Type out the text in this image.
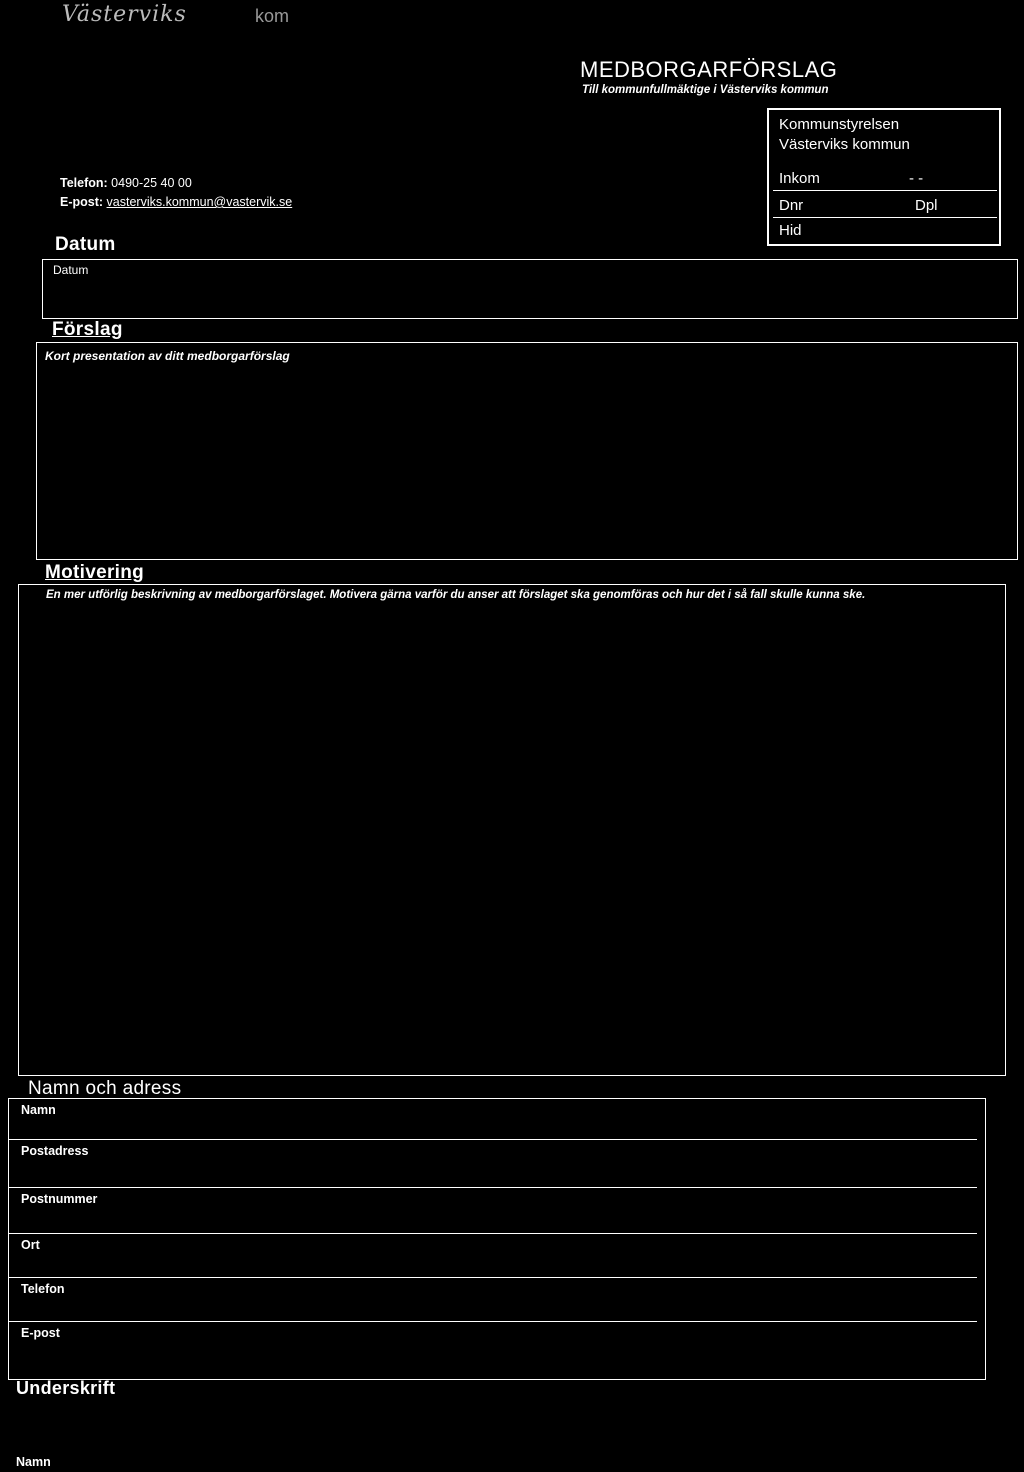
Västerviks	kom
MEDBORGARFÖRSLAG
Till kommunfullmäktige i Västerviks kommun
Kommunstyrelsen
Västerviks kommun
Inkom	- -
Dnr	Dpl
Hid
Telefon: 0490-25 40 00
E-post: vasterviks.kommun@vastervik.se
Datum
Datum
Förslag
Kort presentation av ditt medborgarförslag
Motivering
En mer utförlig beskrivning av medborgarförslaget. Motivera gärna varför du anser att förslaget ska genomföras och hur det i så fall skulle kunna ske.
Namn och adress
Namn
Postadress
Postnummer
Ort
Telefon
E-post
Underskrift
Namn
